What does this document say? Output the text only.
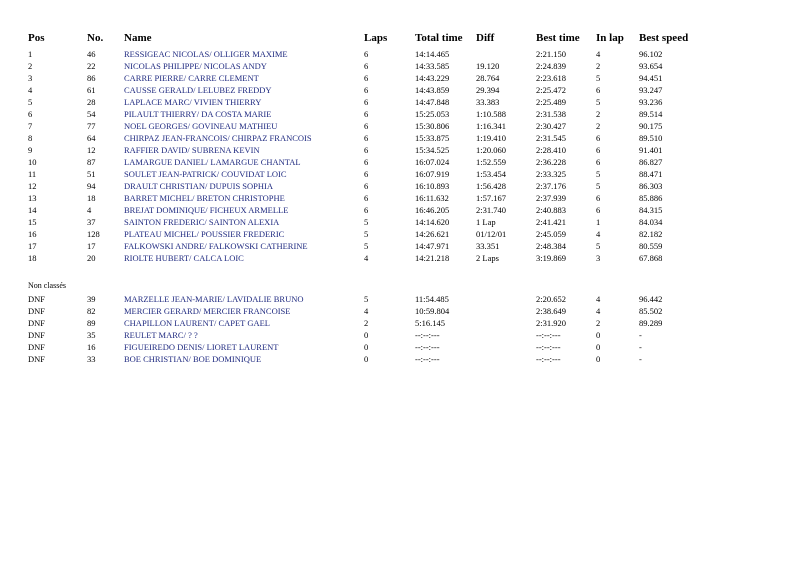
Pos	No.	Name	Laps	Total time	Diff	Best time	In lap	Best speed
1	46	RESSIGEAC NICOLAS/ OLLIGER MAXIME	6	14:14.465		2:21.150	4	96.102
2	22	NICOLAS PHILIPPE/ NICOLAS ANDY	6	14:33.585	19.120	2:24.839	2	93.654
3	86	CARRE PIERRE/ CARRE CLEMENT	6	14:43.229	28.764	2:23.618	5	94.451
4	61	CAUSSE GERALD/ LELUBEZ FREDDY	6	14:43.859	29.394	2:25.472	6	93.247
5	28	LAPLACE MARC/ VIVIEN THIERRY	6	14:47.848	33.383	2:25.489	5	93.236
6	54	PILAULT THIERRY/ DA COSTA MARIE	6	15:25.053	1:10.588	2:31.538	2	89.514
7	77	NOEL GEORGES/ GOVINEAU MATHIEU	6	15:30.806	1:16.341	2:30.427	2	90.175
8	64	CHIRPAZ JEAN-FRANCOIS/ CHIRPAZ FRANCOIS	6	15:33.875	1:19.410	2:31.545	6	89.510
9	12	RAFFIER DAVID/ SUBRENA KEVIN	6	15:34.525	1:20.060	2:28.410	6	91.401
10	87	LAMARGUE DANIEL/ LAMARGUE CHANTAL	6	16:07.024	1:52.559	2:36.228	6	86.827
11	51	SOULET JEAN-PATRICK/ COUVIDAT LOIC	6	16:07.919	1:53.454	2:33.325	5	88.471
12	94	DRAULT CHRISTIAN/ DUPUIS SOPHIA	6	16:10.893	1:56.428	2:37.176	5	86.303
13	18	BARRET MICHEL/ BRETON CHRISTOPHE	6	16:11.632	1:57.167	2:37.939	6	85.886
14	4	BREJAT DOMINIQUE/ FICHEUX ARMELLE	6	16:46.205	2:31.740	2:40.883	6	84.315
15	37	SAINTON FREDERIC/ SAINTON ALEXIA	5	14:14.620	1 Lap	2:41.421	1	84.034
16	128	PLATEAU MICHEL/ POUSSIER FREDERIC	5	14:26.621	01/12/01	2:45.059	4	82.182
17	17	FALKOWSKI ANDRE/ FALKOWSKI CATHERINE	5	14:47.971	33.351	2:48.384	5	80.559
18	20	RIOLTE HUBERT/ CALCA LOIC	4	14:21.218	2 Laps	3:19.869	3	67.868

Non classés								
DNF	39	MARZELLE JEAN-MARIE/ LAVIDALIE BRUNO	5	11:54.485		2:20.652	4	96.442
DNF	82	MERCIER GERARD/ MERCIER FRANCOISE	4	10:59.804		2:38.649	4	85.502
DNF	89	CHAPILLON LAURENT/ CAPET GAEL	2	5:16.145		2:31.920	2	89.289
DNF	35	REULET MARC/ ? ?	0	--:--:---		--:--:---	0	-
DNF	16	FIGUEIREDO DENIS/ LIORET LAURENT	0	--:--:---		--:--:---	0	-
DNF	33	BOE CHRISTIAN/ BOE DOMINIQUE	0	--:--:---		--:--:---	0	-
